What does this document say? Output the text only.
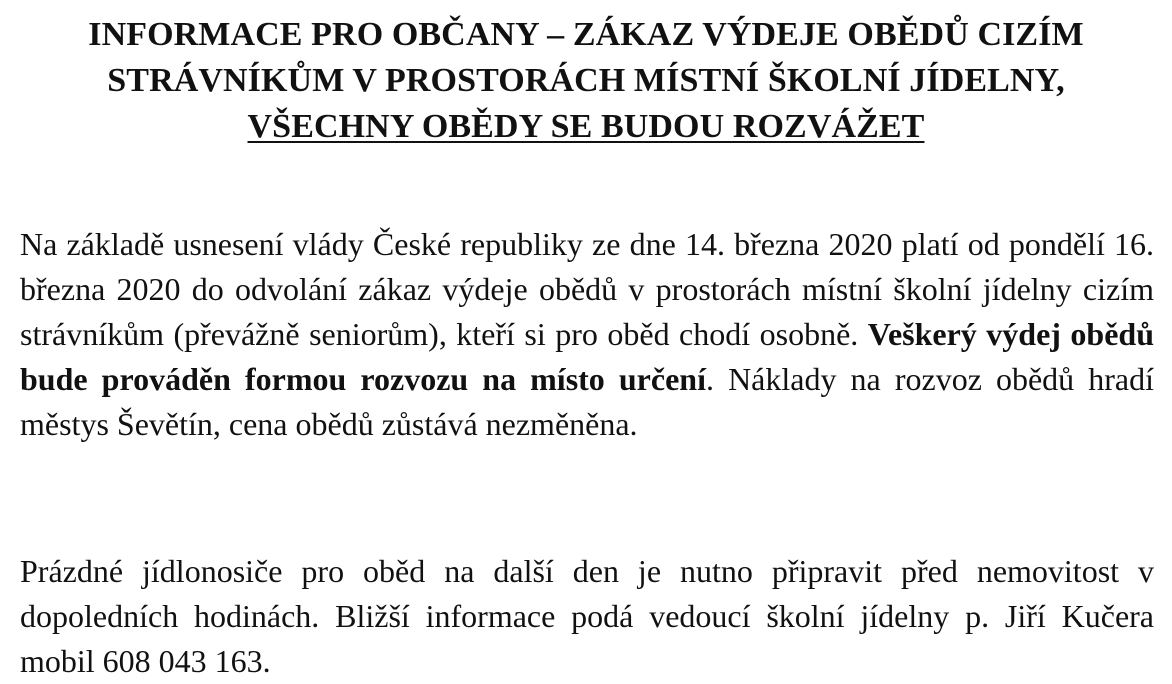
INFORMACE PRO OBČANY – ZÁKAZ VÝDEJE OBĚDŮ CIZÍM STRÁVNÍKŮM V PROSTORÁCH MÍSTNÍ ŠKOLNÍ JÍDELNY, VŠECHNY OBĚDY SE BUDOU ROZVÁŽET

Na základě usnesení vlády České republiky ze dne 14. března 2020 platí od pondělí 16. března 2020 do odvolání zákaz výdeje obědů v prostorách místní školní jídelny cizím strávníkům (převážně seniorům), kteří si pro oběd chodí osobně. Veškerý výdej obědů bude prováděn formou rozvozu na místo určení. Náklady na rozvoz obědů hradí městys Ševětín, cena obědů zůstává nezměněna.

Prázdné jídlonosiče pro oběd na další den je nutno připravit před nemovitost v dopoledních hodinách. Bližší informace podá vedoucí školní jídelny p. Jiří Kučera mobil 608 043 163.
